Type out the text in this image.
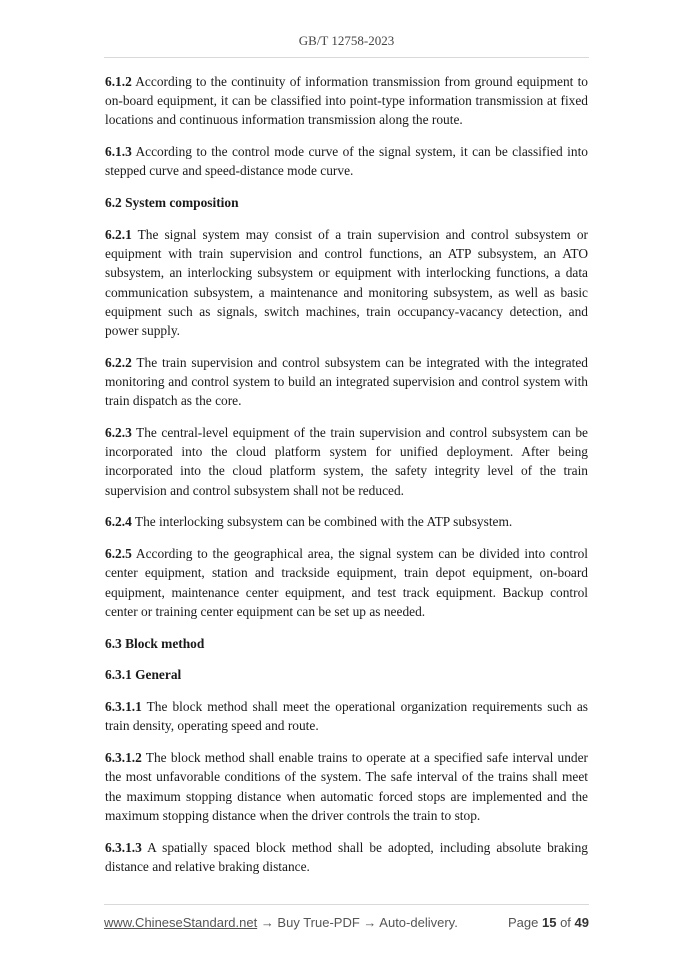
GB/T 12758-2023

6.1.2 According to the continuity of information transmission from ground equipment to on-board equipment, it can be classified into point-type information transmission at fixed locations and continuous information transmission along the route.

6.1.3 According to the control mode curve of the signal system, it can be classified into stepped curve and speed-distance mode curve.

6.2 System composition

6.2.1 The signal system may consist of a train supervision and control subsystem or equipment with train supervision and control functions, an ATP subsystem, an ATO subsystem, an interlocking subsystem or equipment with interlocking functions, a data communication subsystem, a maintenance and monitoring subsystem, as well as basic equipment such as signals, switch machines, train occupancy-vacancy detection, and power supply.

6.2.2 The train supervision and control subsystem can be integrated with the integrated monitoring and control system to build an integrated supervision and control system with train dispatch as the core.

6.2.3 The central-level equipment of the train supervision and control subsystem can be incorporated into the cloud platform system for unified deployment. After being incorporated into the cloud platform system, the safety integrity level of the train supervision and control subsystem shall not be reduced.

6.2.4 The interlocking subsystem can be combined with the ATP subsystem.

6.2.5 According to the geographical area, the signal system can be divided into control center equipment, station and trackside equipment, train depot equipment, on-board equipment, maintenance center equipment, and test track equipment. Backup control center or training center equipment can be set up as needed.

6.3 Block method

6.3.1 General

6.3.1.1 The block method shall meet the operational organization requirements such as train density, operating speed and route.

6.3.1.2 The block method shall enable trains to operate at a specified safe interval under the most unfavorable conditions of the system. The safe interval of the trains shall meet the maximum stopping distance when automatic forced stops are implemented and the maximum stopping distance when the driver controls the train to stop.

6.3.1.3 A spatially spaced block method shall be adopted, including absolute braking distance and relative braking distance.

www.ChineseStandard.net → Buy True-PDF → Auto-delivery.	Page 15 of 49
